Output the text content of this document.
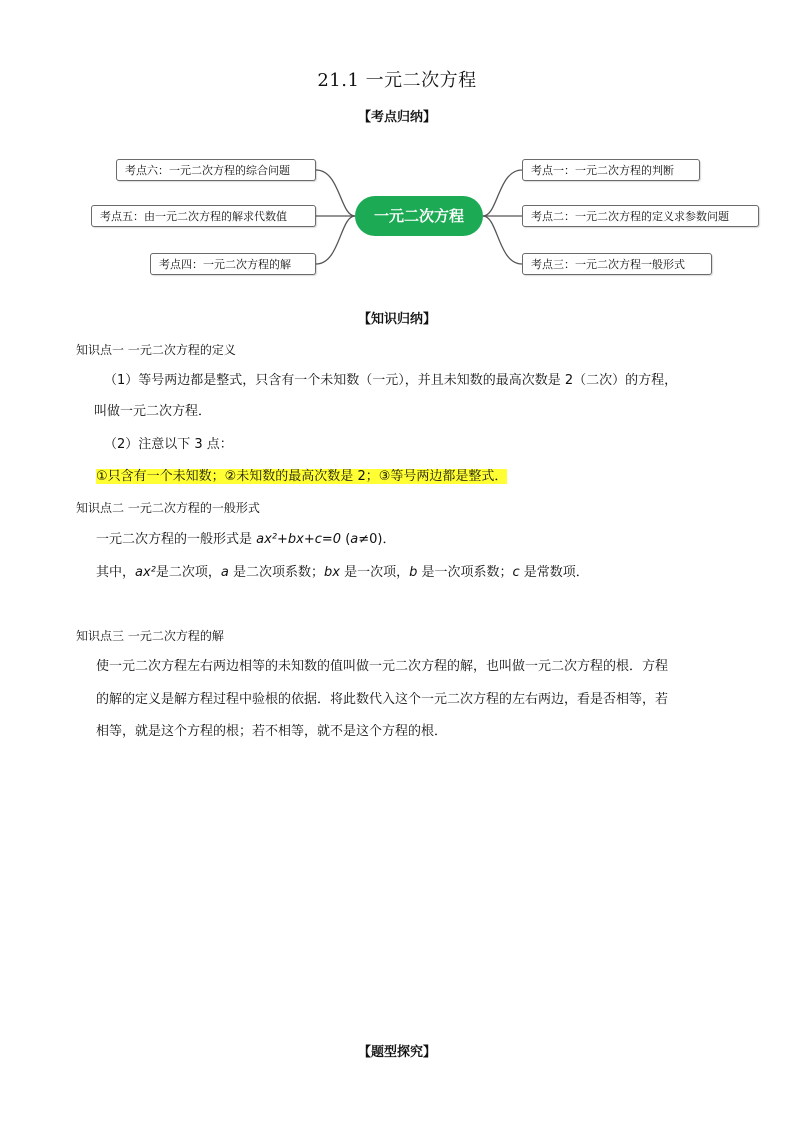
21.1 一元二次方程
【考点归纳】
一元二次方程
考点六：一元二次方程的综合问题
考点五：由一元二次方程的解求代数值
考点四：一元二次方程的解
考点一：一元二次方程的判断
考点二：一元二次方程的定义求参数问题
考点三：一元二次方程一般形式
【知识归纳】
知识点一 一元二次方程的定义
（1）等号两边都是整式，只含有一个未知数（一元），并且未知数的最高次数是 2（二次）的方程，
叫做一元二次方程．
（2）注意以下 3 点：
①只含有一个未知数；②未知数的最高次数是 2；③等号两边都是整式．
知识点二 一元二次方程的一般形式
一元二次方程的一般形式是 ax²+bx+c=0 (a≠0)．
其中，ax²是二次项，a 是二次项系数；bx 是一次项，b 是一次项系数；c 是常数项．
知识点三 一元二次方程的解
使一元二次方程左右两边相等的未知数的值叫做一元二次方程的解，也叫做一元二次方程的根．方程
的解的定义是解方程过程中验根的依据．将此数代入这个一元二次方程的左右两边，看是否相等，若
相等，就是这个方程的根；若不相等，就不是这个方程的根．
【题型探究】
